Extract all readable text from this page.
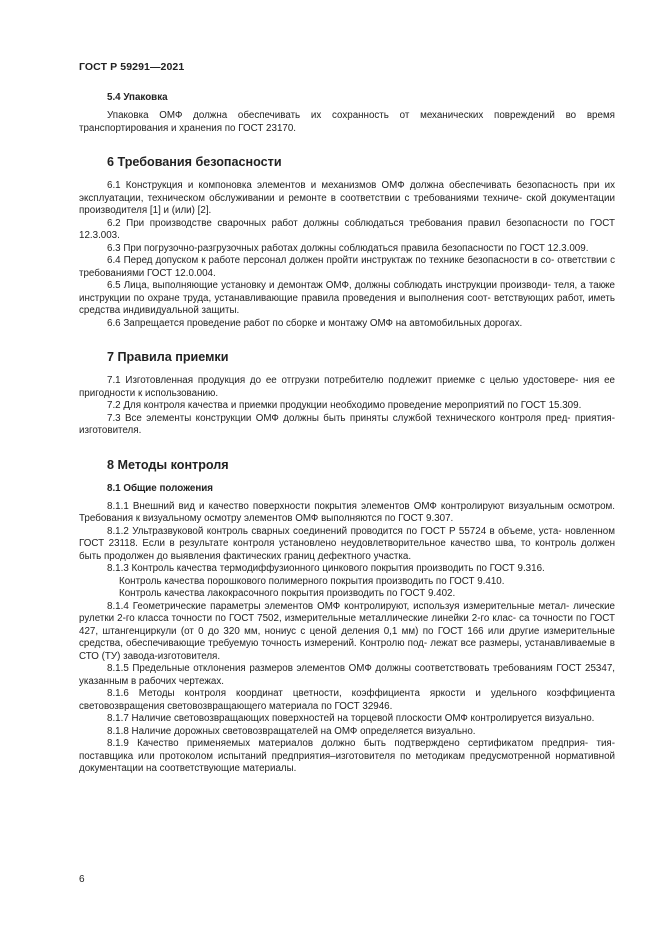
ГОСТ Р 59291—2021
5.4 Упаковка

Упаковка ОМФ должна обеспечивать их сохранность от механических повреждений во время транспортирования и хранения по ГОСТ 23170.

6 Требования безопасности

6.1 Конструкция и компоновка элементов и механизмов ОМФ должна обеспечивать безопасность при их эксплуатации, техническом обслуживании и ремонте в соответствии с требованиями техниче- ской документации производителя [1] и (или) [2].

6.2 При производстве сварочных работ должны соблюдаться требования правил безопасности по ГОСТ 12.3.003.

6.3 При погрузочно-разгрузочных работах должны соблюдаться правила безопасности по ГОСТ 12.3.009.

6.4 Перед допуском к работе персонал должен пройти инструктаж по технике безопасности в со- ответствии с требованиями ГОСТ 12.0.004.

6.5 Лица, выполняющие установку и демонтаж ОМФ, должны соблюдать инструкции производи- теля, а также инструкции по охране труда, устанавливающие правила проведения и выполнения соот- ветствующих работ, иметь средства индивидуальной защиты.

6.6 Запрещается проведение работ по сборке и монтажу ОМФ на автомобильных дорогах.

7 Правила приемки

7.1 Изготовленная продукция до ее отгрузки потребителю подлежит приемке с целью удостовере- ния ее пригодности к использованию.

7.2 Для контроля качества и приемки продукции необходимо проведение мероприятий по ГОСТ 15.309.

7.3 Все элементы конструкции ОМФ должны быть приняты службой технического контроля пред- приятия-изготовителя.

8 Методы контроля
8.1 Общие положения

8.1.1 Внешний вид и качество поверхности покрытия элементов ОМФ контролируют визуальным осмотром. Требования к визуальному осмотру элементов ОМФ выполняются по ГОСТ 9.307.

8.1.2 Ультразвуковой контроль сварных соединений проводится по ГОСТ Р 55724 в объеме, уста- новленном ГОСТ 23118. Если в результате контроля установлено неудовлетворительное качество шва, то контроль должен быть продолжен до выявления фактических границ дефектного участка.

8.1.3 Контроль качества термодиффузионного цинкового покрытия производить по ГОСТ 9.316.

Контроль качества порошкового полимерного покрытия производить по ГОСТ 9.410.

Контроль качества лакокрасочного покрытия производить по ГОСТ 9.402.

8.1.4 Геометрические параметры элементов ОМФ контролируют, используя измерительные метал- лические рулетки 2-го класса точности по ГОСТ 7502, измерительные металлические линейки 2-го клас- са точности по ГОСТ 427, штангенциркули (от 0 до 320 мм, нониус с ценой деления 0,1 мм) по ГОСТ 166 или другие измерительные средства, обеспечивающие требуемую точность измерений. Контролю под- лежат все размеры, устанавливаемые в СТО (ТУ) завода-изготовителя.

8.1.5 Предельные отклонения размеров элементов ОМФ должны соответствовать требованиям ГОСТ 25347, указанным в рабочих чертежах.

8.1.6 Методы контроля координат цветности, коэффициента яркости и удельного коэффициента световозвращения световозвращающего материала по ГОСТ 32946.

8.1.7 Наличие световозвращающих поверхностей на торцевой плоскости ОМФ контролируется визуально.

8.1.8 Наличие дорожных световозвращателей на ОМФ определяется визуально.

8.1.9 Качество применяемых материалов должно быть подтверждено сертификатом предприя- тия-поставщика или протоколом испытаний предприятия–изготовителя по методикам предусмотренной нормативной документации на соответствующие материалы.

6
